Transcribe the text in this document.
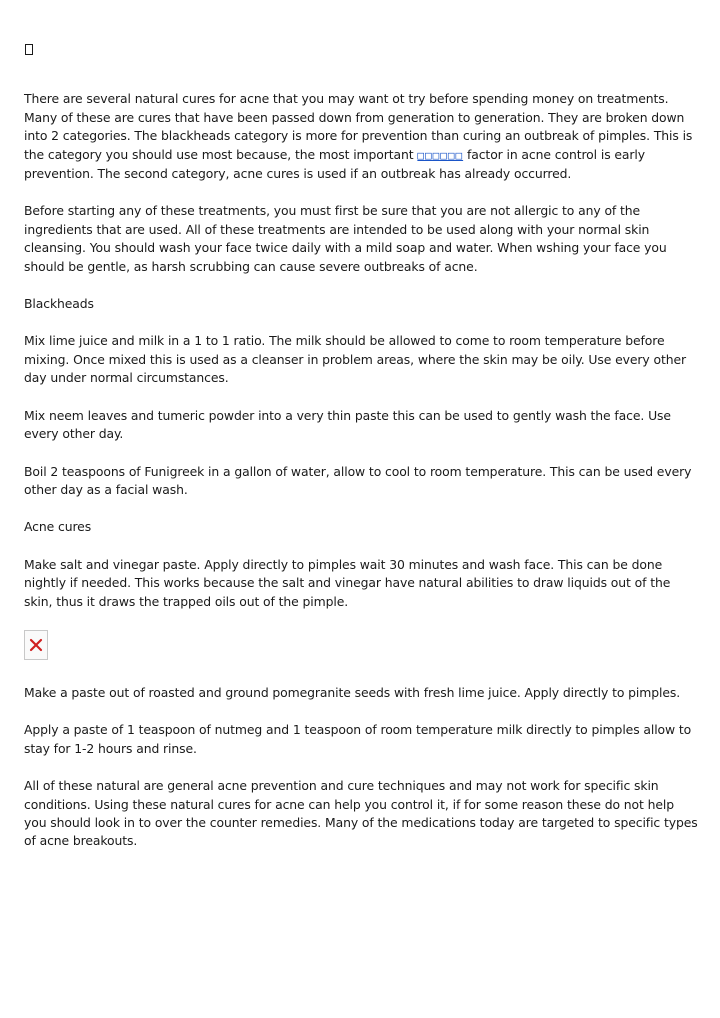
There are several natural cures for acne that you may want ot try before spending money on treatments. Many of these are cures that have been passed down from generation to generation. They are broken down into 2 categories. The blackheads category is more for prevention than curing an outbreak of pimples. This is the category you should use most because, the most important □□□□□□ factor in acne control is early prevention. The second category, acne cures is used if an outbreak has already occurred.

Before starting any of these treatments, you must first be sure that you are not allergic to any of the ingredients that are used. All of these treatments are intended to be used along with your normal skin cleansing. You should wash your face twice daily with a mild soap and water. When wshing your face you should be gentle, as harsh scrubbing can cause severe outbreaks of acne.

Blackheads

Mix lime juice and milk in a 1 to 1 ratio. The milk should be allowed to come to room temperature before mixing. Once mixed this is used as a cleanser in problem areas, where the skin may be oily. Use every other day under normal circumstances.

Mix neem leaves and tumeric powder into a very thin paste this can be used to gently wash the face. Use every other day.

Boil 2 teaspoons of Funigreek in a gallon of water, allow to cool to room temperature. This can be used every other day as a facial wash.

Acne cures

Make salt and vinegar paste. Apply directly to pimples wait 30 minutes and wash face. This can be done nightly if needed. This works because the salt and vinegar have natural abilities to draw liquids out of the skin, thus it draws the trapped oils out of the pimple.

Make a paste out of roasted and ground pomegranite seeds with fresh lime juice. Apply directly to pimples.

Apply a paste of 1 teaspoon of nutmeg and 1 teaspoon of room temperature milk directly to pimples allow to stay for 1-2 hours and rinse.

All of these natural are general acne prevention and cure techniques and may not work for specific skin conditions. Using these natural cures for acne can help you control it, if for some reason these do not help you should look in to over the counter remedies. Many of the medications today are targeted to specific types of acne breakouts.
